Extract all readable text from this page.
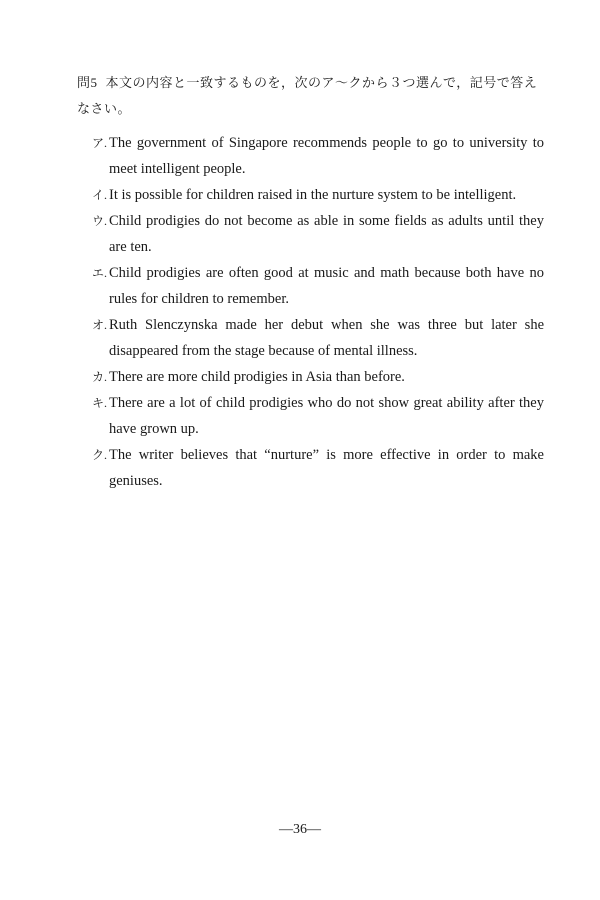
問5 本文の内容と一致するものを，次のア～クから３つ選んで，記号で答えなさい。
ア. The government of Singapore recommends people to go to university to meet intelligent people.
イ. It is possible for children raised in the nurture system to be intelligent.
ウ. Child prodigies do not become as able in some fields as adults until they are ten.
エ. Child prodigies are often good at music and math because both have no rules for children to remember.
オ. Ruth Slenczynska made her debut when she was three but later she disappeared from the stage because of mental illness.
カ. There are more child prodigies in Asia than before.
キ. There are a lot of child prodigies who do not show great ability after they have grown up.
ク. The writer believes that “nurture” is more effective in order to make geniuses.
—36—
